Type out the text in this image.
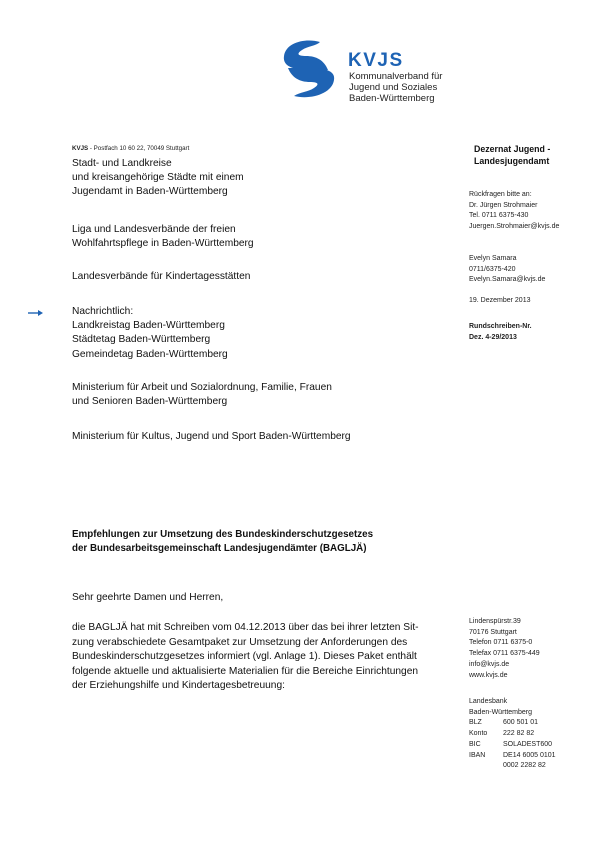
KVJS
Kommunalverband für
Jugend und Soziales
Baden-Württemberg
KVJS - Postfach 10 60 22, 70049 Stuttgart
Stadt- und Landkreise
und kreisangehörige Städte mit einem
Jugendamt in Baden-Württemberg
Liga und Landesverbände der freien
Wohlfahrtspflege in Baden-Württemberg
Landesverbände für Kindertagesstätten
Nachrichtlich:
Landkreistag Baden-Württemberg
Städtetag Baden-Württemberg
Gemeindetag Baden-Württemberg
Ministerium für Arbeit und Sozialordnung, Familie, Frauen
und Senioren Baden-Württemberg
Ministerium für Kultus, Jugend und Sport Baden-Württemberg
Dezernat Jugend -
Landesjugendamt
Rückfragen bitte an:
Dr. Jürgen Strohmaier
Tel. 0711 6375-430
Juergen.Strohmaier@kvjs.de
Evelyn Samara
0711/6375-420
Evelyn.Samara@kvjs.de
19. Dezember 2013
Rundschreiben-Nr.
Dez. 4-29/2013
Lindenspürstr.39
70176 Stuttgart
Telefon 0711 6375-0
Telefax 0711 6375-449
info@kvjs.de
www.kvjs.de
Landesbank
Baden-Württemberg
BLZ	600 501 01
Konto	222 82 82
BIC	SOLADEST600
IBAN	DE14 6005 0101
0002 2282 82
Empfehlungen zur Umsetzung des Bundeskinderschutzgesetzes
der Bundesarbeitsgemeinschaft Landesjugendämter (BAGLJÄ)
Sehr geehrte Damen und Herren,
die BAGLJÄ hat mit Schreiben vom 04.12.2013 über das bei ihrer letzten Sit-
zung verabschiedete Gesamtpaket zur Umsetzung der Anforderungen des
Bundeskinderschutzgesetzes informiert (vgl. Anlage 1). Dieses Paket enthält
folgende aktuelle und aktualisierte Materialien für die Bereiche Einrichtungen
der Erziehungshilfe und Kindertagesbetreuung:
